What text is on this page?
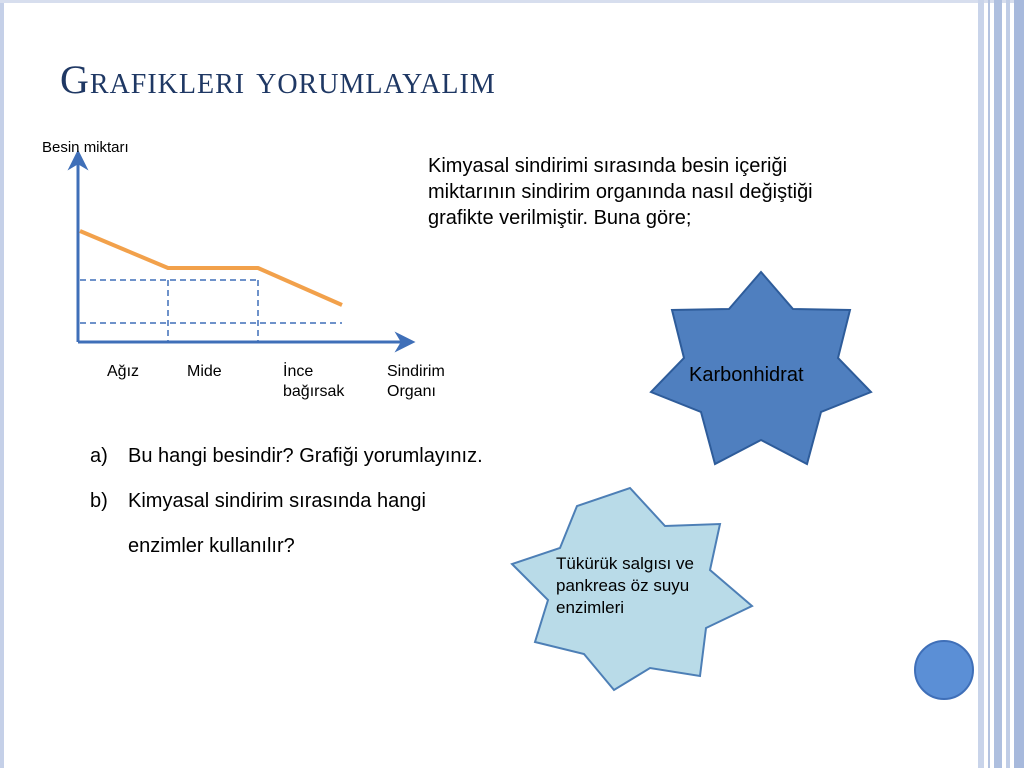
Grafikleri yorumlayalim
Besin miktarı
Ağız	Mide	İnce bağırsak
Sindirim Organı

Kimyasal sindirimi sırasında besin içeriği miktarının sindirim organında nasıl değiştiği grafikte verilmiştir. Buna göre;

a) Bu hangi besindir? Grafiği yorumlayınız.
b) Kimyasal sindirim sırasında hangi
enzimler kullanılır?
Karbonhidrat
Tükürük salgısı ve pankreas öz suyu enzimleri
